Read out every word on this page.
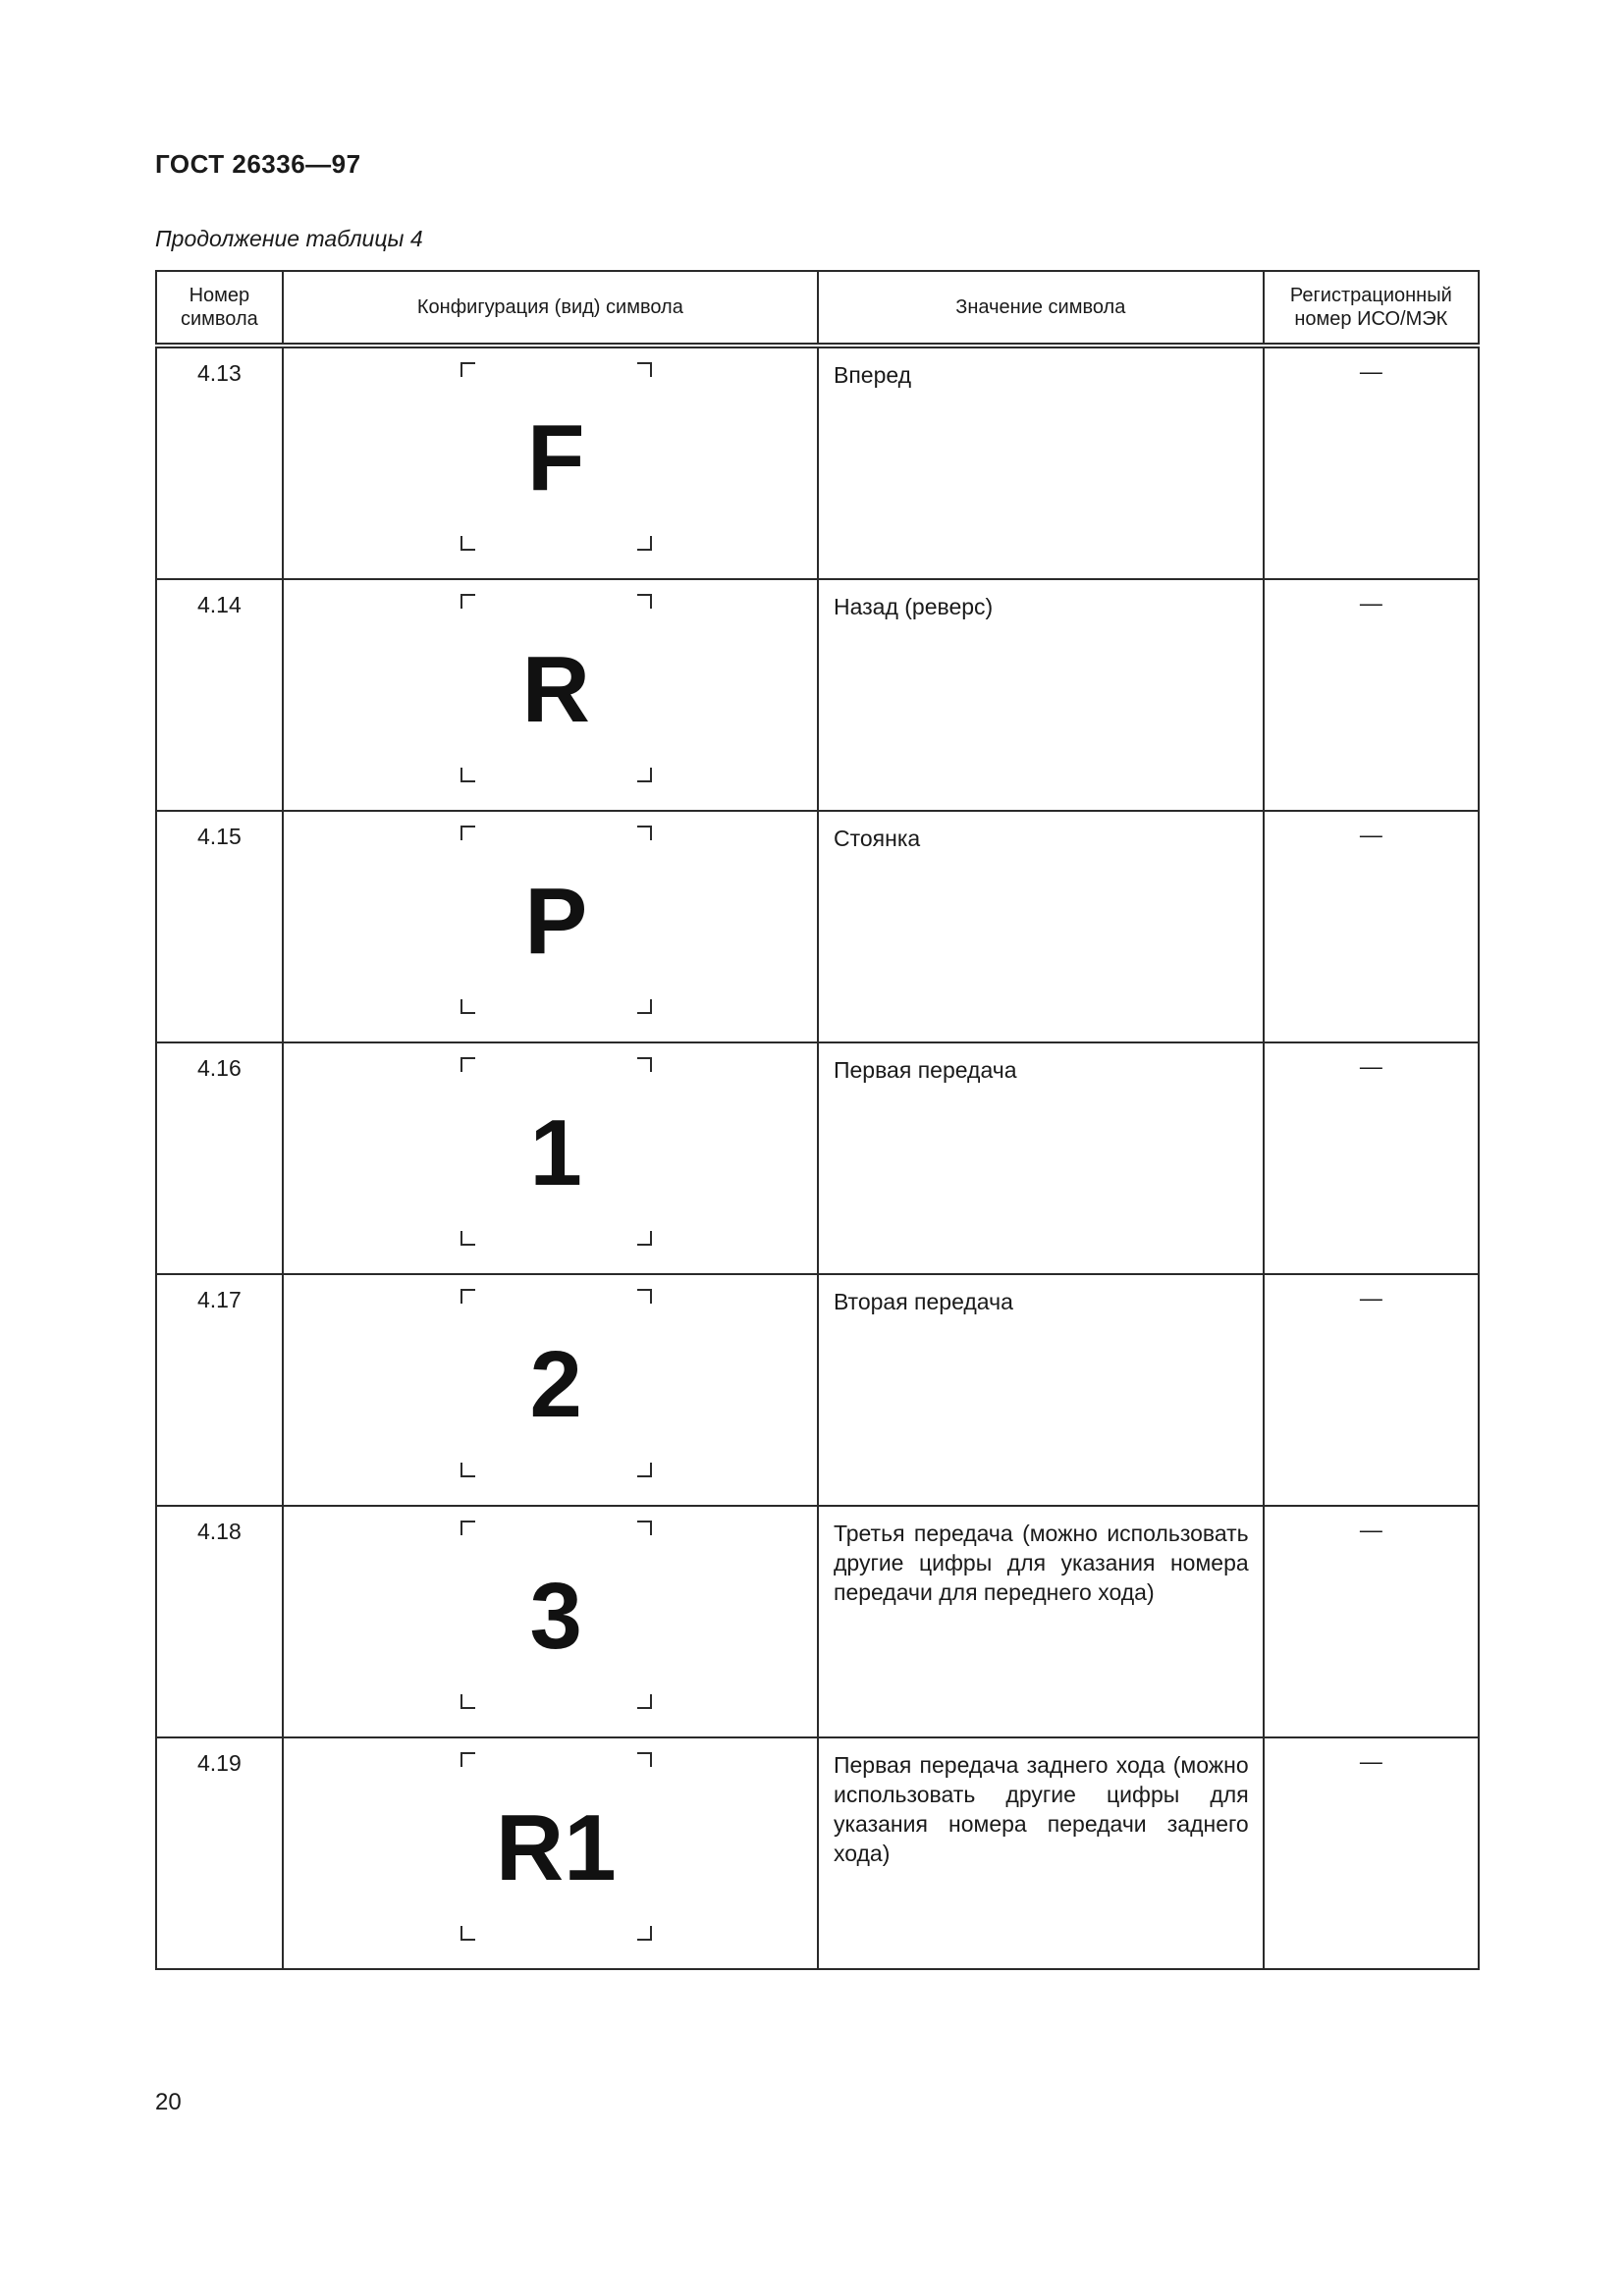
ГОСТ 26336—97
Продолжение таблицы 4
Номер символа	Конфигурация (вид) символа	Значение символа	Регистрационный номер ИСО/МЭК
4.13	F	Вперед	—
4.14	R	Назад (реверс)	—
4.15	P	Стоянка	—
4.16	1	Первая передача	—
4.17	2	Вторая передача	—
4.18	3	Третья передача (можно использовать другие цифры для указания номера передачи для переднего хода)	—
4.19	R1	Первая передача заднего хода (можно использовать другие цифры для указания номера передачи заднего хода)	—
20
